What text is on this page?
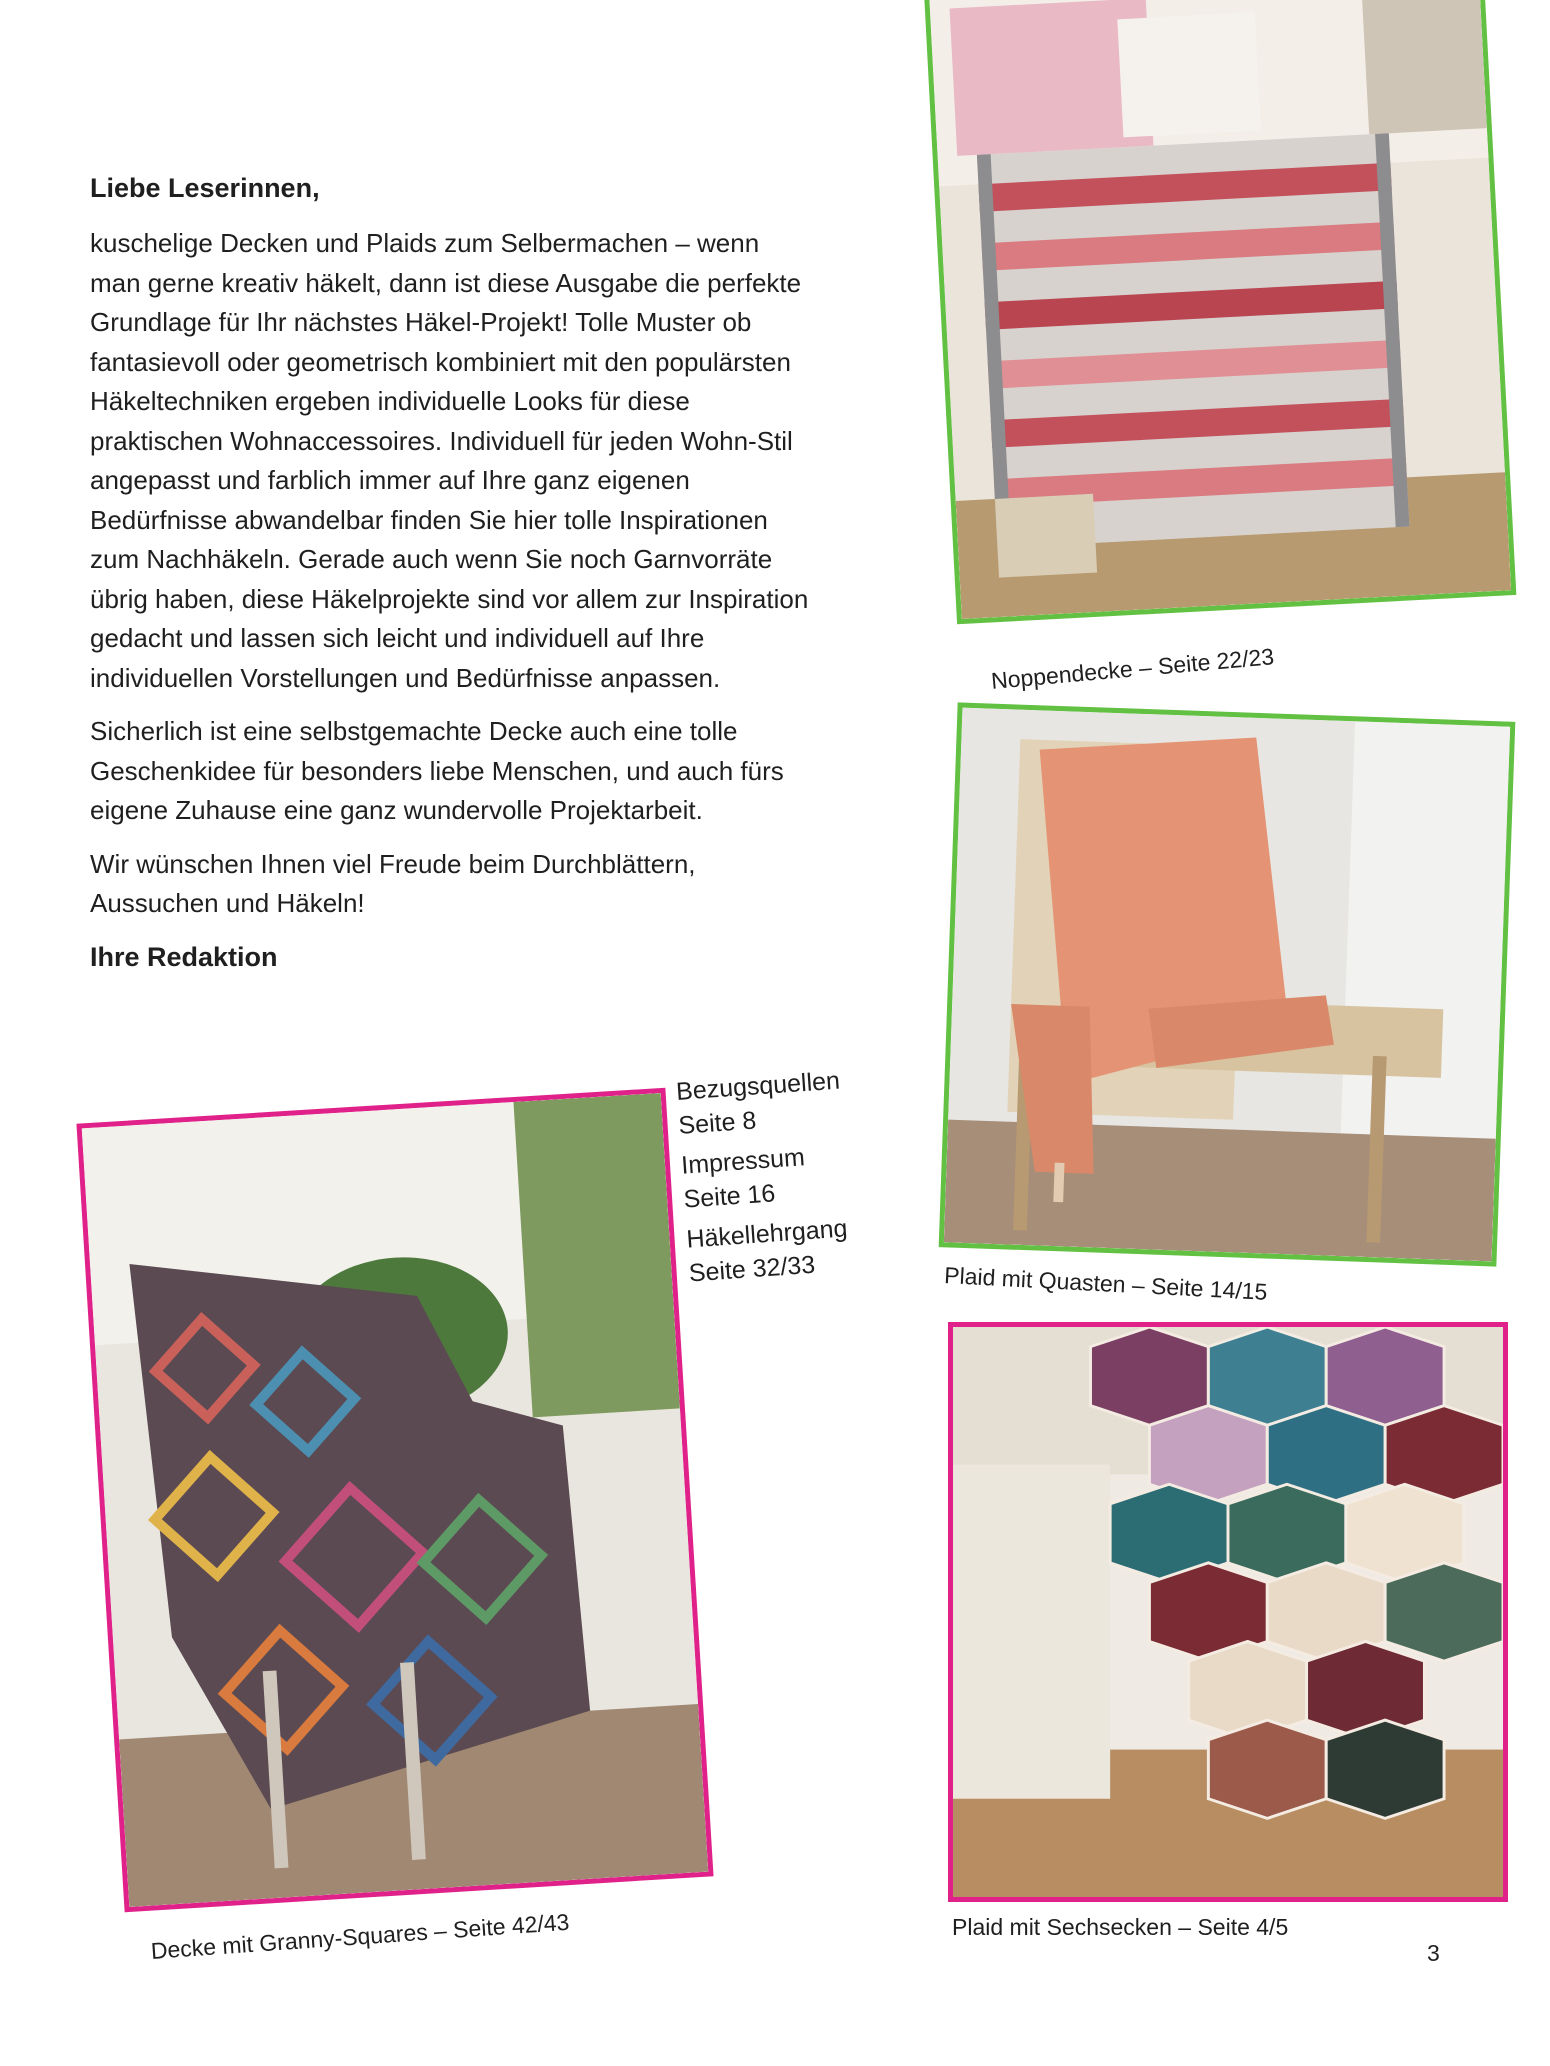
Liebe Leserinnen,

kuschelige Decken und Plaids zum Selbermachen – wenn man gerne kreativ häkelt, dann ist diese Ausgabe die perfekte Grundlage für Ihr nächstes Häkel-Projekt! Tolle Muster ob fantasievoll oder geometrisch kombiniert mit den populärsten Häkeltechniken ergeben individuelle Looks für diese praktischen Wohnaccessoires. Individuell für jeden Wohn-Stil angepasst und farblich immer auf Ihre ganz eigenen Bedürfnisse abwandelbar finden Sie hier tolle Inspirationen zum Nachhäkeln. Gerade auch wenn Sie noch Garnvorräte übrig haben, diese Häkelprojekte sind vor allem zur Inspiration gedacht und lassen sich leicht und individuell auf Ihre individuellen Vorstellungen und Bedürfnisse anpassen.

Sicherlich ist eine selbstgemachte Decke auch eine tolle Geschenkidee für besonders liebe Menschen, und auch fürs eigene Zuhause eine ganz wundervolle Projektarbeit.

Wir wünschen Ihnen viel Freude beim Durchblättern, Aussuchen und Häkeln!

Ihre Redaktion

Noppendecke – Seite 22/23
Plaid mit Quasten – Seite 14/15
Decke mit Granny-Squares – Seite 42/43	Plaid mit Sechsecken – Seite 4/5
Bezugsquellen
Seite 8
Impressum
Seite 16
Häkellehrgang
Seite 32/33
3
